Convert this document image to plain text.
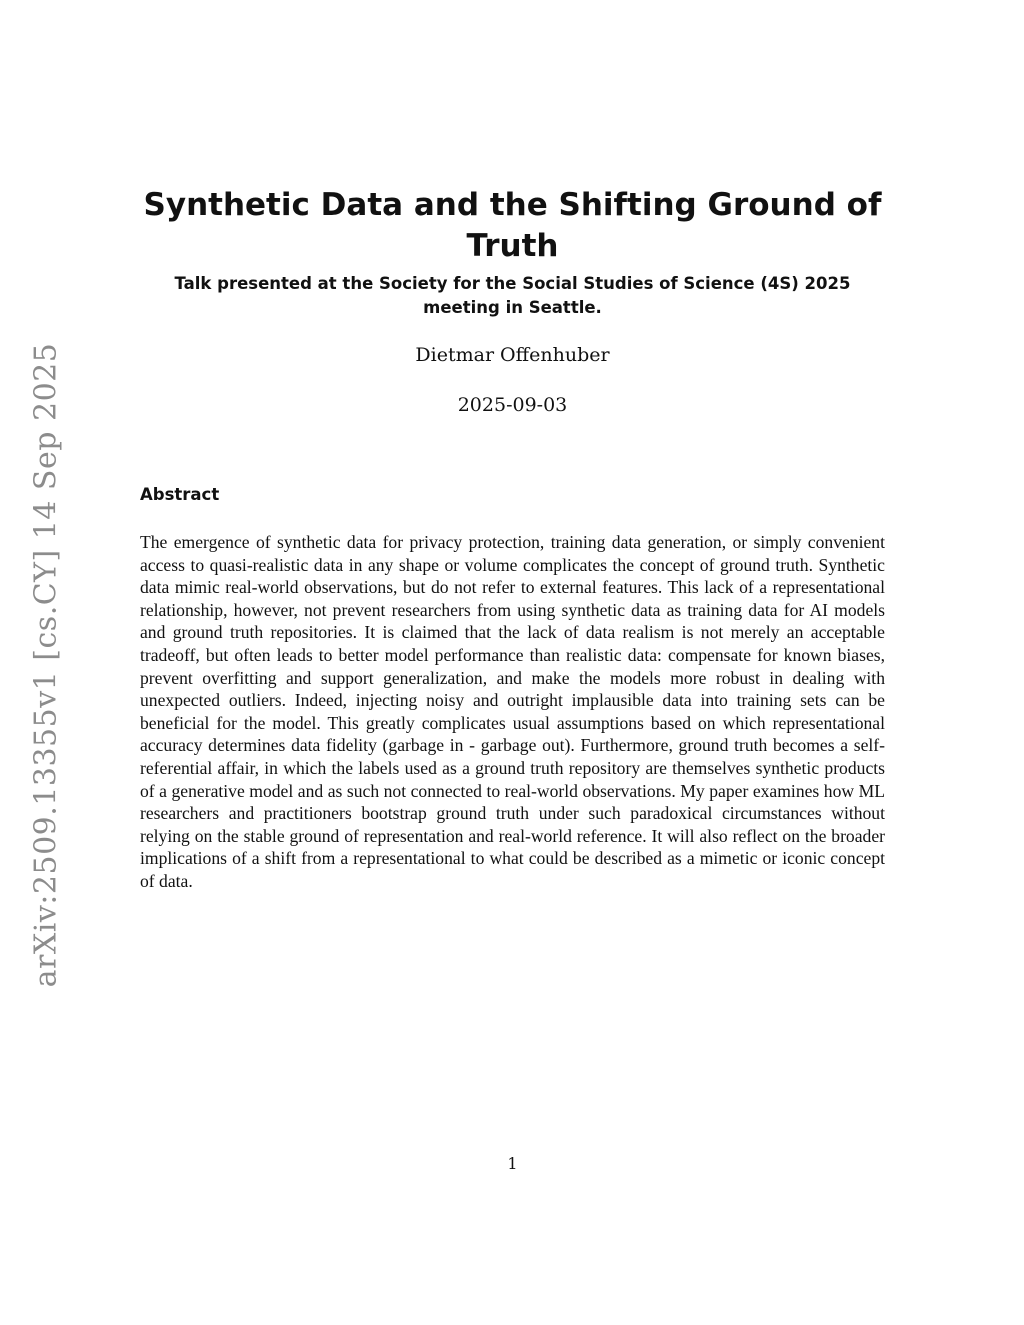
arXiv:2509.13355v1 [cs.CY] 14 Sep 2025
Synthetic Data and the Shifting Ground of Truth
Talk presented at the Society for the Social Studies of Science (4S) 2025 meeting in Seattle.
Dietmar Offenhuber
2025-09-03
Abstract

The emergence of synthetic data for privacy protection, training data generation, or simply convenient access to quasi-realistic data in any shape or volume complicates the concept of ground truth. Synthetic data mimic real-world observations, but do not refer to external features. This lack of a representational relationship, however, not prevent researchers from using synthetic data as training data for AI models and ground truth repositories. It is claimed that the lack of data realism is not merely an acceptable tradeoff, but often leads to better model performance than realistic data: compensate for known biases, prevent overfitting and support generalization, and make the models more robust in dealing with unexpected outliers. Indeed, injecting noisy and outright implausible data into training sets can be beneficial for the model. This greatly complicates usual assumptions based on which representational accuracy determines data fidelity (garbage in - garbage out). Furthermore, ground truth becomes a self-referential affair, in which the labels used as a ground truth repository are themselves synthetic products of a generative model and as such not connected to real-world observations. My paper examines how ML researchers and practitioners bootstrap ground truth under such paradoxical circumstances without relying on the stable ground of representation and real-world reference. It will also reflect on the broader implications of a shift from a representational to what could be described as a mimetic or iconic concept of data.

1
